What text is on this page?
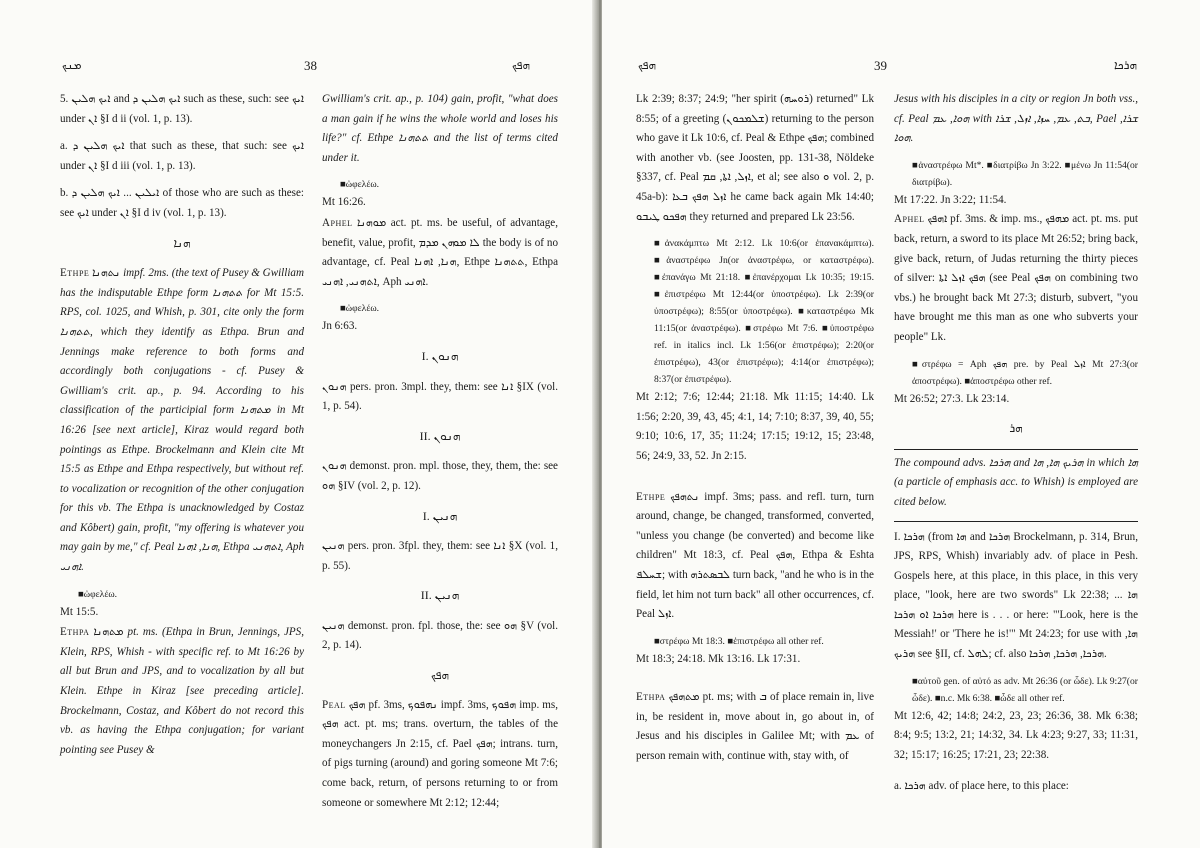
ܡܢܟ	38	ܗܦܟ

5. ܐܝܟ ܗܠܝܢ and ܐܝܟ ܗܠܝܢ ܕ such as these, such: see ܐܝܟ under ܐܢ §I d ii (vol. 1, p. 13).

a. ܐܝܟ ܗܠܝܢ ܕ that such as these, that such: see ܐܝܟ under ܐܢ §I d iii (vol. 1, p. 13).

b. ܐܝܠܝܢ ... ܐܝܟ ܗܠܝܢ ܕ of those who are such as these: see ܐܝܟ under ܐܢ §I d iv (vol. 1, p. 13).

ܗܢܐ

Ethpe ܢܬܗܢܐ impf. 2ms. (the text of Pusey & Gwilliam has the indisputable Ethpe form ܬܬܗܢܐ for Mt 15:5. RPS, col. 1025, and Whish, p. 301, cite only the form ܬܬܗܢܐ, which they identify as Ethpa. Brun and Jennings make reference to both forms and accordingly both conjugations - cf. Pusey & Gwilliam's crit. ap., p. 94. According to his classification of the participial form ܡܬܗܢܐ in Mt 16:26 [see next article], Kiraz would regard both pointings as Ethpe. Brockelmann and Klein cite Mt 15:5 as Ethpe and Ethpa respectively, but without ref. to vocalization or recognition of the other conjugation for this vb. The Ethpa is unacknowledged by Costaz and Kôbert) gain, profit, "my offering is whatever you may gain by me," cf. Peal ܗܢܐ, ܐܗܢܐ, Ethpa ܐܬܗܢܝ, Aph ܐܗܢܝ.

■ὠφελέω.
Mt 15:5.

Ethpa ܡܬܗܢܐ pt. ms. (Ethpa in Brun, Jennings, JPS, Klein, RPS, Whish - with specific ref. to Mt 16:26 by all but Brun and JPS, and to vocalization by all but Klein. Ethpe in Kiraz [see preceding article]. Brockelmann, Costaz, and Kôbert do not record this vb. as having the Ethpa conjugation; for variant pointing see Pusey &

Gwilliam's crit. ap., p. 104) gain, profit, "what does a man gain if he wins the whole world and loses his life?" cf. Ethpe ܬܬܗܢܐ and the list of terms cited under it.

■ὠφελέω.
Mt 16:26.

Aphel ܡܘܗܢܐ act. pt. ms. be useful, of advantage, benefit, value, profit, ܠܐ ܡܘܗܢ ܡܕܡ the body is of no advantage, cf. Peal ܗܢܐ, ܐܗܢܐ, Ethpe ܬܬܗܢܐ, Ethpa ܐܬܗܢܝ, ܐܗܢܝ, Aph ܐܗܢܝ.

■ὠφελέω.
Jn 6:63.
I. ܗܢܘܢ

ܗܢܘܢ pers. pron. 3mpl. they, them: see ܐܢܐ §IX (vol. 1, p. 54).

II. ܗܢܘܢ

ܗܢܘܢ demonst. pron. mpl. those, they, them, the: see ܗܘ §IV (vol. 2, p. 12).

I. ܗܢܝܢ

ܗܢܝܢ pers. pron. 3fpl. they, them: see ܐܢܐ §X (vol. 1, p. 55).

II. ܗܢܝܢ

ܗܢܝܢ demonst. pron. fpl. those, the: see ܗܘ §V (vol. 2, p. 14).

ܗܦܟ

Peal ܗܦܟ pf. 3ms, ܢܗܦܘܟ impf. 3ms, ܗܦܘܟ imp. ms, ܗܦܟ act. pt. ms; trans. overturn, the tables of the moneychangers Jn 2:15, cf. Pael ܗܦܟ; intrans. turn, of pigs turning (around) and goring someone Mt 7:6; come back, return, of persons returning to or from someone or somewhere Mt 2:12; 12:44;

ܗܦܟ	39	ܗܪܟܐ

Lk 2:39; 8:37; 24:9; "her spirit (ܪܘܚܗ) returned" Lk 8:55; of a greeting (ܫܠܡܟܘܢ) returning to the person who gave it Lk 10:6, cf. Peal & Ethpe ܗܦܟ; combined with another vb. (see Joosten, pp. 131-38, Nöldeke §337, cf. Peal ܐܙܠ, ܐܬܐ, ܩܡ, et al; see also ܘ vol. 2, p. 45a-b): ܐܙܠ ܗܦܟ ܒܥܐ he came back again Mk 14:40; ܗܦܟܘ ܛܝܒܘ they returned and prepared Lk 23:56.

■ἀνακάμπτω Mt 2:12. Lk 10:6(or ἐπανακάμπτω). ■ἀναστρέφω Jn(or ἀναστρέφω, or καταστρέφω). ■ἐπανάγω Mt 21:18. ■ἐπανέρχομαι Lk 10:35; 19:15. ■ἐπιστρέφω Mt 12:44(or ὑποστρέφω). Lk 2:39(or ὑποστρέφω); 8:55(or ὑποστρέφω). ■καταστρέφω Mk 11:15(or ἀναστρέφω). ■στρέφω Mt 7:6. ■ὑποστρέφω ref. in italics incl. Lk 1:56(or ἐπιστρέφω); 2:20(or ἐπιστρέφω), 43(or ἐπιστρέφω); 4:14(or ἐπιστρέφω); 8:37(or ἐπιστρέφω).
Mt 2:12; 7:6; 12:44; 21:18. Mk 11:15; 14:40. Lk 1:56; 2:20, 39, 43, 45; 4:1, 14; 7:10; 8:37, 39, 40, 55; 9:10; 10:6, 17, 35; 11:24; 17:15; 19:12, 15; 23:48, 56; 24:9, 33, 52. Jn 2:15.

Ethpe ܢܬܗܦܟ impf. 3ms; pass. and refl. turn, turn around, change, be changed, transformed, converted, "unless you change (be converted) and become like children" Mt 18:3, cf. Peal ܗܦܟ, Ethpa & Eshta ܫܚܠܦ; with ܠܒܣܬܪܗ turn back, "and he who is in the field, let him not turn back" all other occurrences, cf. Peal ܐܙܠ.

■στρέφω Mt 18:3. ■ἐπιστρέφω all other ref.
Mt 18:3; 24:18. Mk 13:16. Lk 17:31.

Ethpa ܡܬܗܦܟ pt. ms; with ܒ of place remain in, live in, be resident in, move about in, go about in, of Jesus and his disciples in Galilee Mt; with ܥܡ of person remain with, continue with, stay with, of

Jesus with his disciples in a city or region Jn both vss., cf. Peal ܗܘܐ, ܥܡ with ܒܬ, ܥܡ, ܚܙܐ, ܐܙܠ, ܫܪܐ, Pael ܫܪܐ, ܗܘܐ.

■ἀναστρέφω Mt*. ■διατρίβω Jn 3:22. ■μένω Jn 11:54(or διατρίβω).
Mt 17:22. Jn 3:22; 11:54.

Aphel ܐܗܦܟ pf. 3ms. & imp. ms., ܡܗܦܟ act. pt. ms. put back, return, a sword to its place Mt 26:52; bring back, give back, return, of Judas returning the thirty pieces of silver: ܗܦܟ ܐܙܠ ܐܬܐ (see Peal ܗܦܟ on combining two vbs.) he brought back Mt 27:3; disturb, subvert, "you have brought me this man as one who subverts your people" Lk.

■στρέφω = Aph ܗܦܟ pre. by Peal ܐܙܠ Mt 27:3(or ἀποστρέφω). ■ἀποστρέφω other ref.
Mt 26:52; 27:3. Lk 23:14.
ܗܪ

The compound advs. ܗܪܟܐ and ܗܪܝܟ ܗܐ, ܗܐ in which ܗܐ (a particle of emphasis acc. to Whish) is employed are cited below.

I. ܗܪܟܐ (from ܗܐ and ܗܪܟܐ Brockelmann, p. 314, Brun, JPS, RPS, Whish) invariably adv. of place in Pesh. Gospels here, at this place, in this place, in this very place, "look, here are two swords" Lk 22:38; ܗܐ ... ܗܪܟܐ ܐܘ ܗܪܟܐ here is . . . or here: "'Look, here is the Messiah!' or 'There he is!'" Mt 24:23; for use with ܗܐ, ܗܪܝܟ see §II, cf. ܠܗܠ; cf. also ܗܪܟܐ, ܗܪܟܐ, ܗܪܟܐ.

■αὐτοῦ gen. of αὐτό as adv. Mt 26:36 (or ὧδε). Lk 9:27(or ὧδε). ■n.c. Mk 6:38. ■ὧδε all other ref.
Mt 12:6, 42; 14:8; 24:2, 23, 23; 26:36, 38. Mk 6:38; 8:4; 9:5; 13:2, 21; 14:32, 34. Lk 4:23; 9:27, 33; 11:31, 32; 15:17; 16:25; 17:21, 23; 22:38.

a. ܗܪܟܐ adv. of place here, to this place:
